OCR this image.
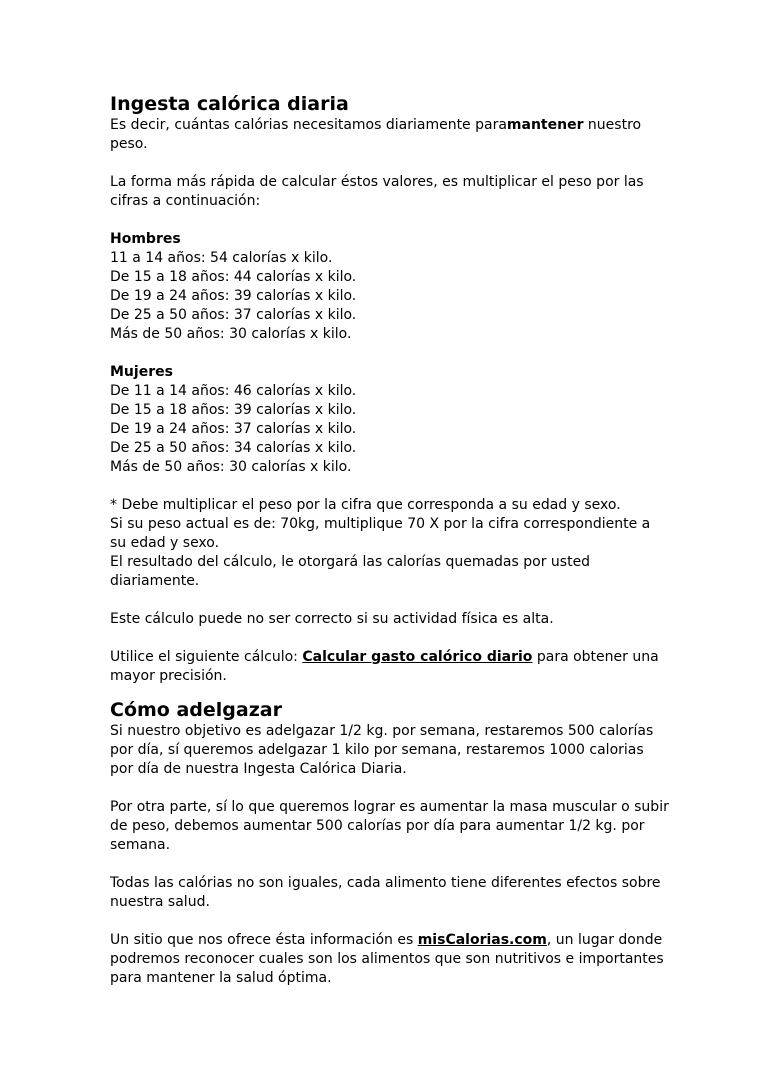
Ingesta calórica diaria

Es decir, cuántas calórias necesitamos diariamente paramantener nuestro peso.

La forma más rápida de calcular éstos valores, es multiplicar el peso por las cifras a continuación:

Hombres

11 a 14 años: 54 calorías x kilo.

De 15 a 18 años: 44 calorías x kilo.

De 19 a 24 años: 39 calorías x kilo.

De 25 a 50 años: 37 calorías x kilo.

Más de 50 años: 30 calorías x kilo.

Mujeres

De 11 a 14 años: 46 calorías x kilo.

De 15 a 18 años: 39 calorías x kilo.

De 19 a 24 años: 37 calorías x kilo.

De 25 a 50 años: 34 calorías x kilo.

Más de 50 años: 30 calorías x kilo.

* Debe multiplicar el peso por la cifra que corresponda a su edad y sexo.

Si su peso actual es de: 70kg, multiplique 70 X por la cifra correspondiente a su edad y sexo.

El resultado del cálculo, le otorgará las calorías quemadas por usted diariamente.

Este cálculo puede no ser correcto si su actividad física es alta.

Utilice el siguiente cálculo: Calcular gasto calórico diario para obtener una mayor precisión.

Cómo adelgazar

Si nuestro objetivo es adelgazar 1/2 kg. por semana, restaremos 500 calorías por día, sí queremos adelgazar 1 kilo por semana, restaremos 1000 calorias por día de nuestra Ingesta Calórica Diaria.

Por otra parte, sí lo que queremos lograr es aumentar la masa muscular o subir de peso, debemos aumentar 500 calorías por día para aumentar 1/2 kg. por semana.

Todas las calórias no son iguales, cada alimento tiene diferentes efectos sobre nuestra salud.

Un sitio que nos ofrece ésta información es misCalorias.com, un lugar donde podremos reconocer cuales son los alimentos que son nutritivos e importantes para mantener la salud óptima.
